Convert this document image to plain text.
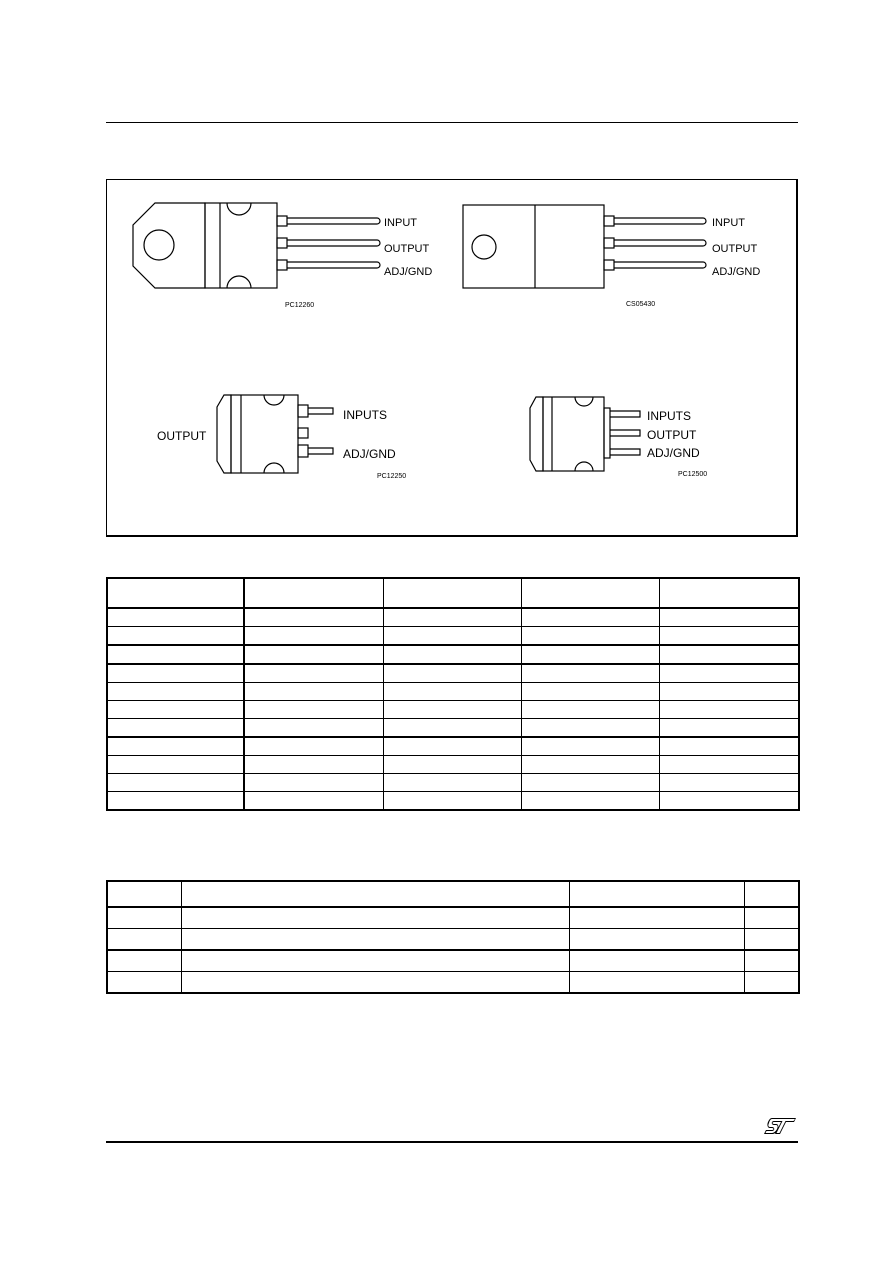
INPUT
OUTPUT
ADJ/GND
PC12260
INPUT
OUTPUT
ADJ/GND
CS05430
OUTPUT
INPUTS
ADJ/GND
PC12250
INPUTS
OUTPUT
ADJ/GND
PC12500
